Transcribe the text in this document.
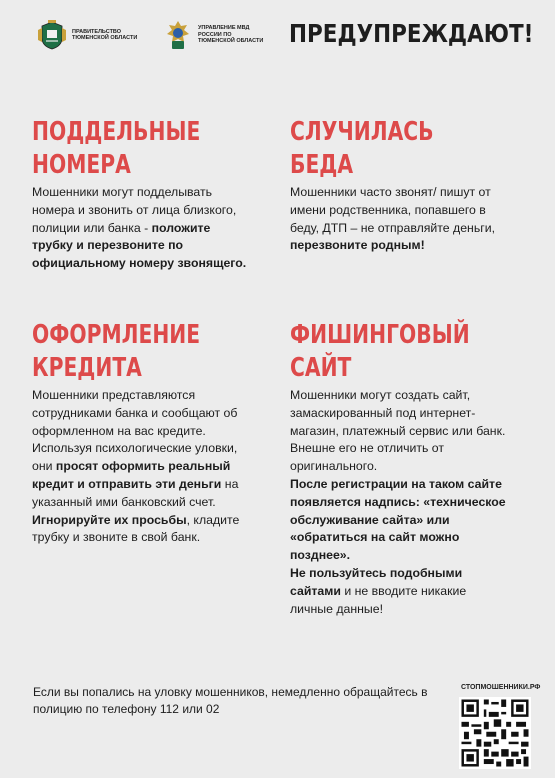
ПРАВИТЕЛЬСТВО ТЮМЕНСКОЙ ОБЛАСТИ
УПРАВЛЕНИЕ МВД РОССИИ ПО ТЮМЕНСКОЙ ОБЛАСТИ ПРЕДУПРЕЖДАЮТ!
ПОДДЕЛЬНЫЕ
НОМЕРА
Мошенники могут подделывать номера и звонить от лица близкого, полиции или банка - положите трубку и перезвоните по официальному номеру звонящего.
СЛУЧИЛАСЬ
БЕДА
Мошенники часто звонят/ пишут от имени родственника, попавшего в беду, ДТП – не отправляйте деньги, перезвоните родным!
ОФОРМЛЕНИЕ
КРЕДИТА
Мошенники представляются сотрудниками банка и сообщают об оформленном на вас кредите. Используя психологические уловки, они просят оформить реальный кредит и отправить эти деньги на указанный ими банковский счет. Игнорируйте их просьбы, кладите трубку и звоните в свой банк.
ФИШИНГОВЫЙ
САЙТ
Мошенники могут создать сайт, замаскированный под интернет-магазин, платежный сервис или банк. Внешне его не отличить от оригинального.
После регистрации на таком сайте появляется надпись: «техническое обслуживание сайта» или «обратиться на сайт можно позднее».
Не пользуйтесь подобными сайтами и не вводите никакие личные данные!
Если вы попались на уловку мошенников, немедленно обращайтесь в полицию по телефону 112 или 02
СТОПМОШЕННИКИ.РФ
